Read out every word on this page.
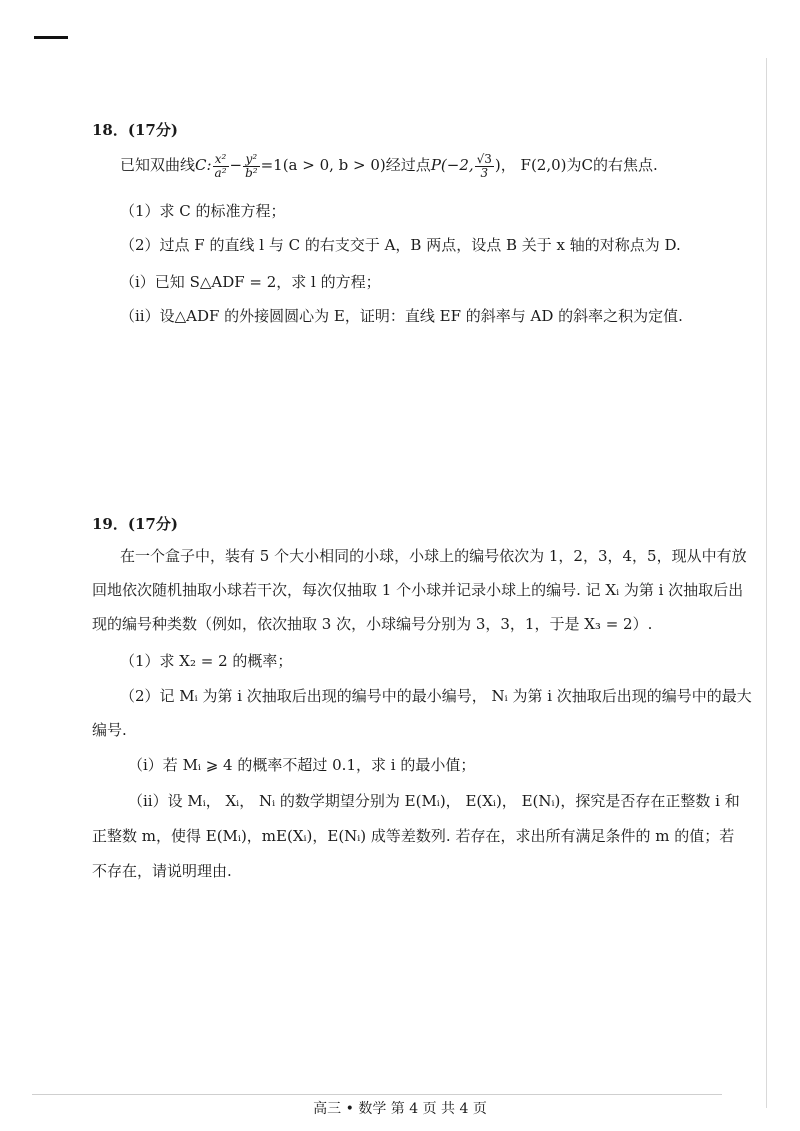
18．(17分)
已知双曲线C: $\frac{\text{x²}}{\text{a²}} - \frac{\text{y²}}{\text{b²}} =1(a > 0$, b > 0)经过点P(−2, $\frac{√3}{3}$ )， F(2,0)为C的右焦点.
（1）求 C 的标准方程；
（2）过点 F 的直线 l 与 C 的右支交于 A，B 两点，设点 B 关于 x 轴的对称点为 D.
（i）已知 S△ADF = 2，求 l 的方程；
（ii）设△ADF 的外接圆圆心为 E，证明：直线 EF 的斜率与 AD 的斜率之积为定值.
19．(17分)
在一个盒子中，装有 5 个大小相同的小球，小球上的编号依次为 1，2，3，4，5，现从中有放
回地依次随机抽取小球若干次，每次仅抽取 1 个小球并记录小球上的编号. 记 Xᵢ 为第 i 次抽取后出
现的编号种类数（例如，依次抽取 3 次，小球编号分别为 3，3，1，于是 X₃ = 2）.
（1）求 X₂ = 2 的概率；
（2）记 Mᵢ 为第 i 次抽取后出现的编号中的最小编号， Nᵢ 为第 i 次抽取后出现的编号中的最大
编号.
（i）若 Mᵢ ⩾ 4 的概率不超过 0.1，求 i 的最小值；
（ii）设 Mᵢ， Xᵢ， Nᵢ 的数学期望分别为 E(Mᵢ)， E(Xᵢ)， E(Nᵢ)，探究是否存在正整数 i 和
正整数 m，使得 E(Mᵢ)，mE(Xᵢ)，E(Nᵢ) 成等差数列. 若存在，求出所有满足条件的 m 的值；若
不存在，请说明理由.
高三 • 数学 第 4 页 共 4 页
